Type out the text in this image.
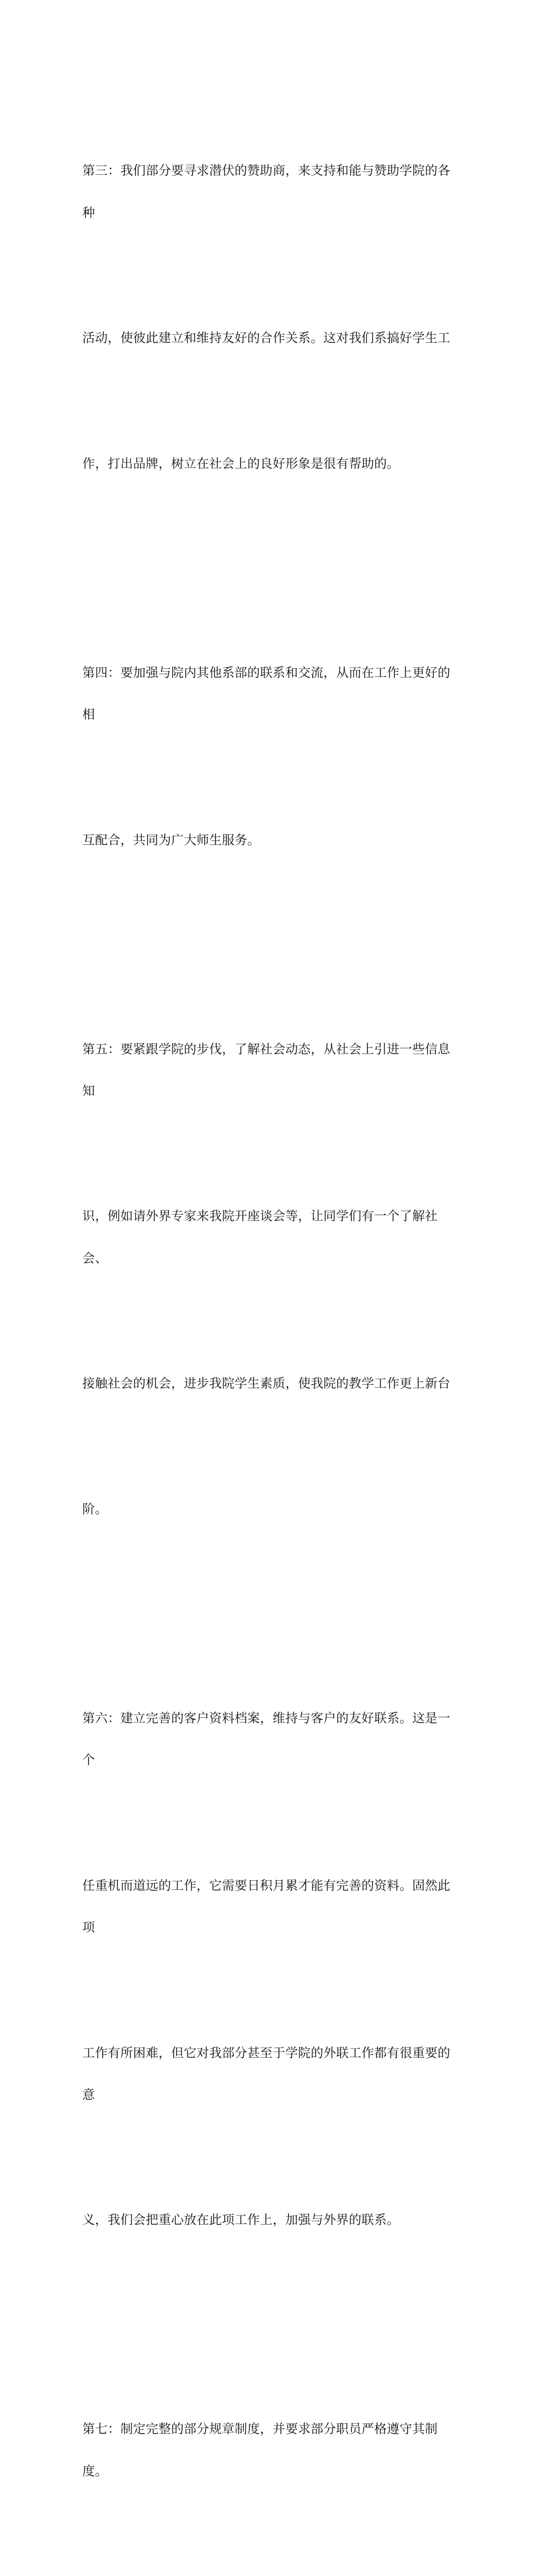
第三：我们部分要寻求潜伏的赞助商，来支持和能与赞助学院的各种

活动，使彼此建立和维持友好的合作关系。这对我们系搞好学生工

作，打出品牌，树立在社会上的良好形象是很有帮助的。

第四：要加强与院内其他系部的联系和交流，从而在工作上更好的相

互配合，共同为广大师生服务。

第五：要紧跟学院的步伐，了解社会动态，从社会上引进一些信息知

识，例如请外界专家来我院开座谈会等，让同学们有一个了解社会、

接触社会的机会，进步我院学生素质，使我院的教学工作更上新台

阶。

第六：建立完善的客户资料档案，维持与客户的友好联系。这是一个

任重机而道远的工作，它需要日积月累才能有完善的资料。固然此项

工作有所困难，但它对我部分甚至于学院的外联工作都有很重要的意

义，我们会把重心放在此项工作上，加强与外界的联系。

第七：制定完整的部分规章制度，并要求部分职员严格遵守其制度。
